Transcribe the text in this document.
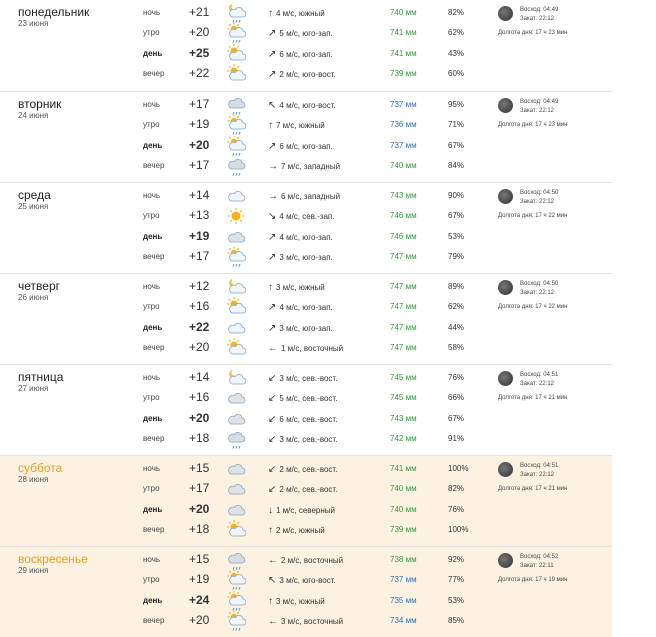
понедельник
23 июня
ночь +21	↑ 4 м/с, южный	740 мм	82%
утро +20	↗ 5 м/с, юго-зап.	741 мм	62%
день +25	↗ 6 м/с, юго-зап.	741 мм	43%
вечер +22	↗ 2 м/с, юго-вост.	739 мм	60%
Восход: 04:49
Закат: 22:12
Долгота дня: 17 ч 23 мин
вторник
24 июня
ночь +17	↖ 4 м/с, юго-вост.	737 мм	95%
утро +19	↑ 7 м/с, южный	736 мм	71%
день +20	↗ 6 м/с, юго-зап.	737 мм	67%
вечер +17	→ 7 м/с, западный	740 мм	84%
Восход: 04:49
Закат: 22:12
Долгота дня: 17 ч 23 мин
среда
25 июня
ночь +14	→ 6 м/с, западный	743 мм	90%
утро +13	↘ 4 м/с, сев.-зап.	746 мм	67%
день +19	↗ 4 м/с, юго-зап.	746 мм	53%
вечер +17	↗ 3 м/с, юго-зап.	747 мм	79%
Восход: 04:50
Закат: 22:12
Долгота дня: 17 ч 22 мин
четверг
26 июня
ночь +12	↑ 3 м/с, южный	747 мм	89%
утро +16	↗ 4 м/с, юго-зап.	747 мм	62%
день +22	↗ 3 м/с, юго-зап.	747 мм	44%
вечер +20	← 1 м/с, восточный	747 мм	58%
Восход: 04:50
Закат: 22:12
Долгота дня: 17 ч 22 мин
пятница
27 июня
ночь +14	↙ 3 м/с, сев.-вост.	745 мм	76%
утро +16	↙ 5 м/с, сев.-вост.	745 мм	66%
день +20	↙ 6 м/с, сев.-вост.	743 мм	67%
вечер +18	↙ 3 м/с, сев.-вост.	742 мм	91%
Восход: 04:51
Закат: 22:12
Долгота дня: 17 ч 21 мин
суббота
28 июня
ночь +15	↙ 2 м/с, сев.-вост.	741 мм	100%
утро +17	↙ 2 м/с, сев.-вост.	740 мм	82%
день +20	↓ 1 м/с, северный	740 мм	76%
вечер +18	↑ 2 м/с, южный	739 мм	100%
Восход: 04:51
Закат: 22:12
Долгота дня: 17 ч 21 мин
воскресенье
29 июня
ночь +15	← 2 м/с, восточный	738 мм	92%
утро +19	↖ 3 м/с, юго-вост.	737 мм	77%
день +24	↑ 3 м/с, южный	735 мм	53%
вечер +20	← 3 м/с, восточный	734 мм	85%
Восход: 04:52
Закат: 22:11
Долгота дня: 17 ч 19 мин
